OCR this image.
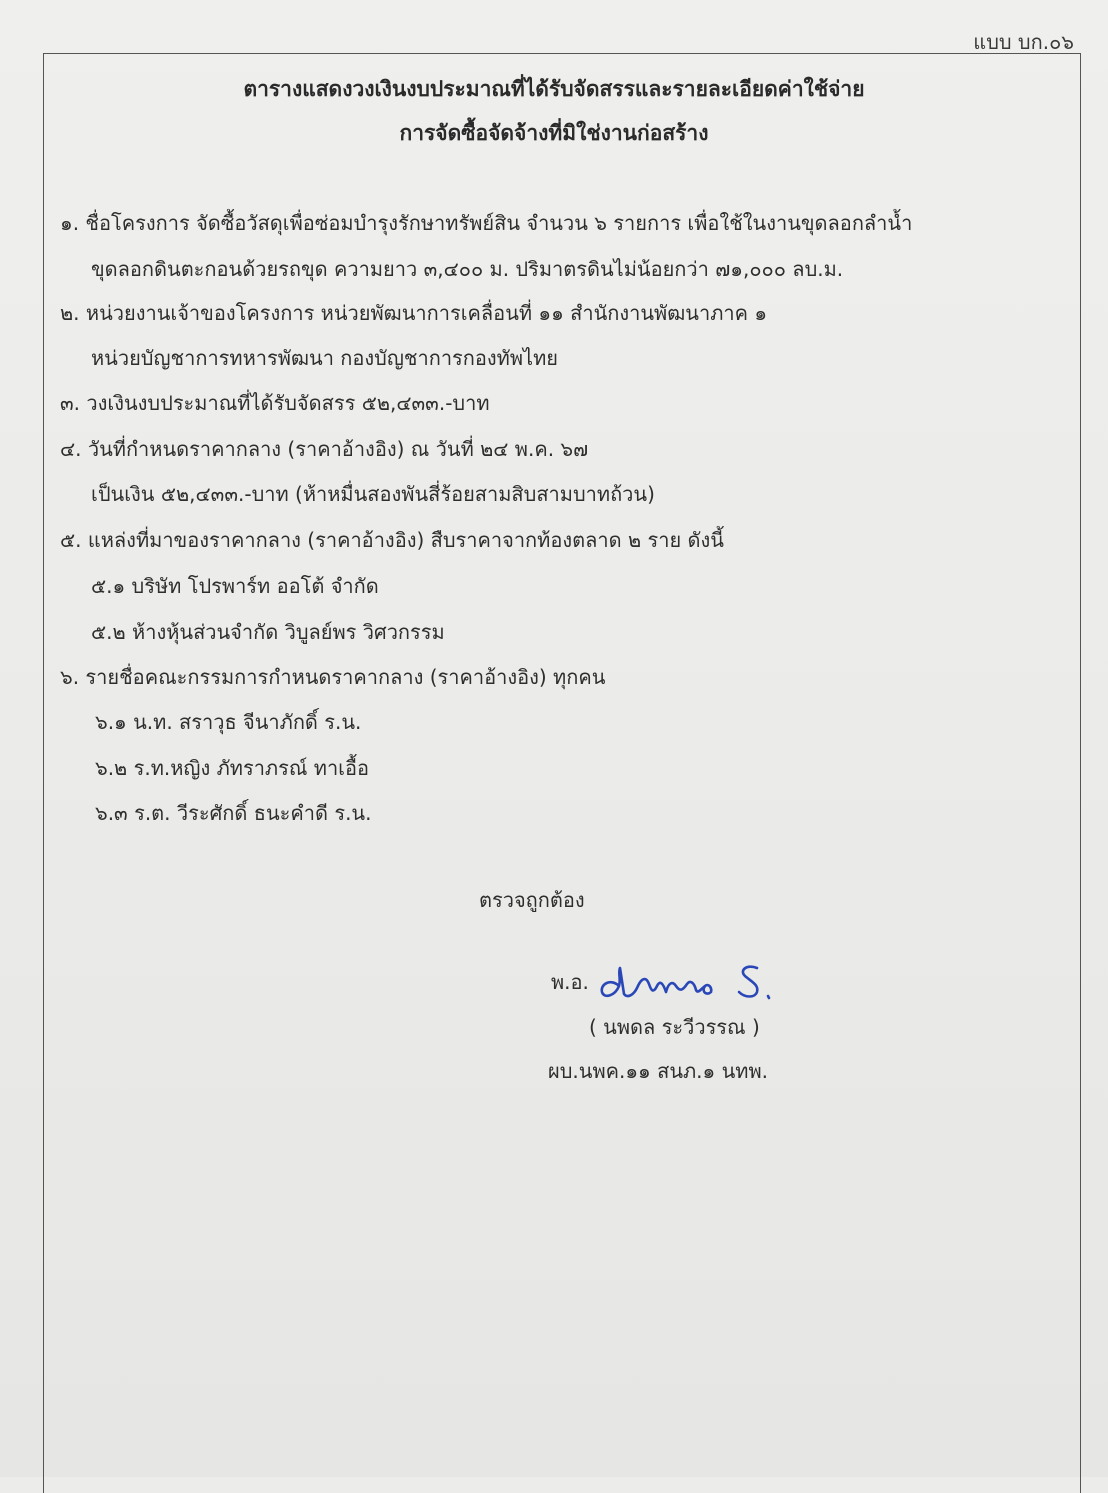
แบบ บก.๐๖
ตารางแสดงวงเงินงบประมาณที่ได้รับจัดสรรและรายละเอียดค่าใช้จ่าย
การจัดซื้อจัดจ้างที่มิใช่งานก่อสร้าง
๑. ชื่อโครงการ จัดซื้อวัสดุเพื่อซ่อมบำรุงรักษาทรัพย์สิน จำนวน ๖ รายการ เพื่อใช้ในงานขุดลอกลำน้ำ
ขุดลอกดินตะกอนด้วยรถขุด ความยาว ๓,๔๐๐ ม. ปริมาตรดินไม่น้อยกว่า ๗๑,๐๐๐ ลบ.ม.
๒. หน่วยงานเจ้าของโครงการ หน่วยพัฒนาการเคลื่อนที่ ๑๑ สำนักงานพัฒนาภาค ๑
หน่วยบัญชาการทหารพัฒนา กองบัญชาการกองทัพไทย
๓. วงเงินงบประมาณที่ได้รับจัดสรร ๕๒,๔๓๓.-บาท
๔. วันที่กำหนดราคากลาง (ราคาอ้างอิง) ณ วันที่ ๒๔ พ.ค. ๖๗
เป็นเงิน ๕๒,๔๓๓.-บาท (ห้าหมื่นสองพันสี่ร้อยสามสิบสามบาทถ้วน)
๕. แหล่งที่มาของราคากลาง (ราคาอ้างอิง) สืบราคาจากท้องตลาด ๒ ราย ดังนี้
๕.๑ บริษัท โปรพาร์ท ออโต้ จำกัด
๕.๒ ห้างหุ้นส่วนจำกัด วิบูลย์พร วิศวกรรม
๖. รายชื่อคณะกรรมการกำหนดราคากลาง (ราคาอ้างอิง) ทุกคน
๖.๑ น.ท. สราวุธ จีนาภักดิ์ ร.น.
๖.๒ ร.ท.หญิง ภัทราภรณ์ ทาเอื้อ
๖.๓ ร.ต. วีระศักดิ์ ธนะคำดี ร.น.
ตรวจถูกต้อง
พ.อ.
( นพดล ระวีวรรณ )
ผบ.นพค.๑๑ สนภ.๑ นทพ.
